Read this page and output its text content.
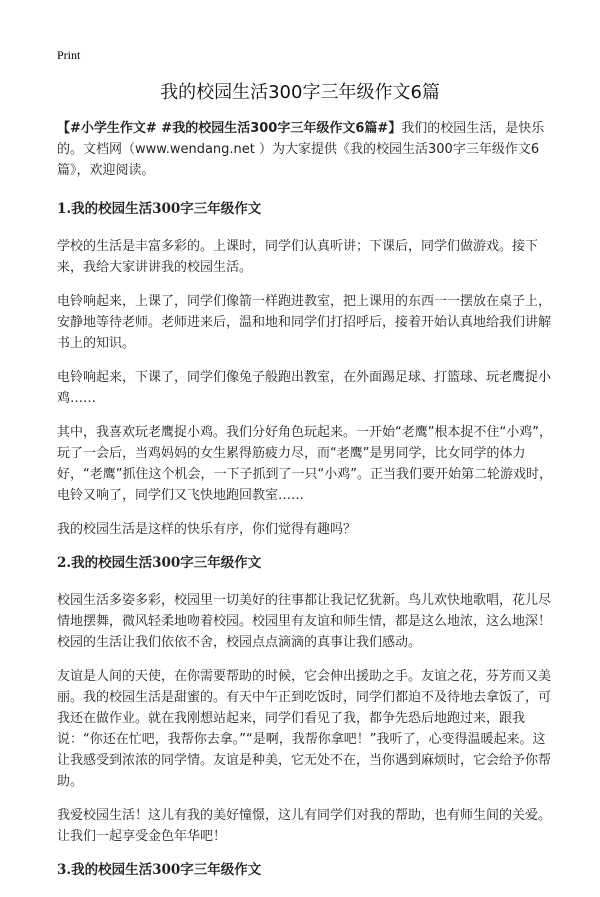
Print
我的校园生活300字三年级作文6篇

【#小学生作文# #我的校园生活300字三年级作文6篇#】我们的校园生活，是快乐的。文档网（www.wendang.net ）为大家提供《我的校园生活300字三年级作文6篇》，欢迎阅读。

1.我的校园生活300字三年级作文

学校的生活是丰富多彩的。上课时，同学们认真听讲；下课后，同学们做游戏。接下来，我给大家讲讲我的校园生活。

电铃响起来，上课了，同学们像箭一样跑进教室，把上课用的东西一一摆放在桌子上，安静地等待老师。老师进来后，温和地和同学们打招呼后，接着开始认真地给我们讲解书上的知识。

电铃响起来，下课了，同学们像兔子般跑出教室，在外面踢足球、打篮球、玩老鹰捉小鸡……

其中，我喜欢玩老鹰捉小鸡。我们分好角色玩起来。一开始“老鹰”根本捉不住“小鸡”，玩了一会后，当鸡妈妈的女生累得筋疲力尽，而“老鹰”是男同学，比女同学的体力好，“老鹰”抓住这个机会，一下子抓到了一只“小鸡”。正当我们要开始第二轮游戏时，电铃又响了，同学们又飞快地跑回教室……

我的校园生活是这样的快乐有序，你们觉得有趣吗？

2.我的校园生活300字三年级作文

校园生活多姿多彩，校园里一切美好的往事都让我记忆犹新。鸟儿欢快地歌唱，花儿尽情地摆舞，微风轻柔地吻着校园。校园里有友谊和师生情，都是这么地浓，这么地深！校园的生活让我们依依不舍，校园点点滴滴的真事让我们感动。

友谊是人间的天使，在你需要帮助的时候，它会伸出援助之手。友谊之花，芬芳而又美丽。我的校园生活是甜蜜的。有天中午正到吃饭时，同学们都迫不及待地去拿饭了，可我还在做作业。就在我刚想站起来，同学们看见了我，都争先恐后地跑过来，跟我说：“你还在忙吧，我帮你去拿。”“是啊，我帮你拿吧！”我听了，心变得温暖起来。这让我感受到浓浓的同学情。友谊是种美，它无处不在，当你遇到麻烦时，它会给予你帮助。

我爱校园生活！这儿有我的美好憧憬，这儿有同学们对我的帮助，也有师生间的关爱。让我们一起享受金色年华吧！

3.我的校园生活300字三年级作文
